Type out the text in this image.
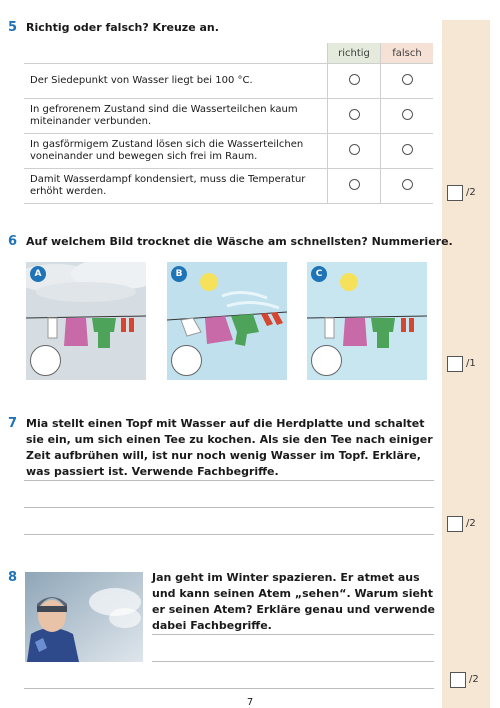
5 Richtig oder falsch? Kreuze an.
	richtig	falsch
Der Siedepunkt von Wasser liegt bei 100 °C.		
In gefrorenem Zustand sind die Wasserteilchen kaum miteinander verbunden.		
In gasförmigem Zustand lösen sich die Wasserteilchen voneinander und bewegen sich frei im Raum.		
Damit Wasserdampf kondensiert, muss die Temperatur erhöht werden.			/2
6 Auf welchem Bild trocknet die Wäsche am schnellsten? Nummeriere.
A	B	C
/1
7 Mia stellt einen Topf mit Wasser auf die Herdplatte und schaltet sie ein, um sich einen Tee zu kochen. Als sie den Tee nach einiger Zeit aufbrühen will, ist nur noch wenig Wasser im Topf. Erkläre, was passiert ist. Verwende Fachbegriffe.
/2
8	Jan geht im Winter spazieren. Er atmet aus und kann seinen Atem „sehen“. Warum sieht er seinen Atem? Erkläre genau und verwende dabei Fachbegriffe.
/2
7
